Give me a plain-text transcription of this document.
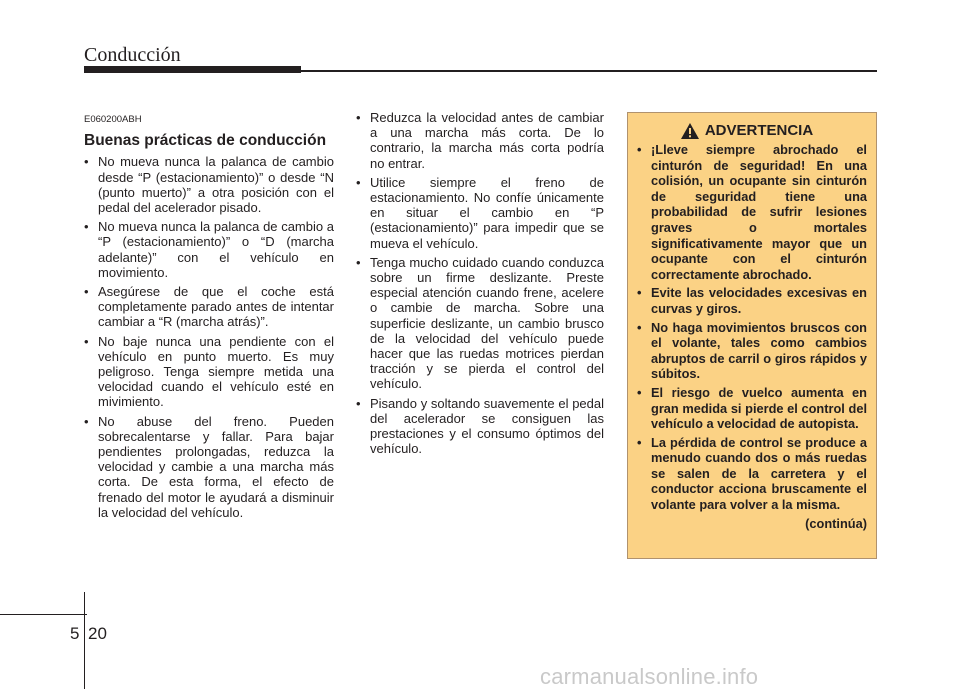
Conducción
E060200ABH
Buenas prácticas de conducción
• No mueva nunca la palanca de cambio desde “P (estacionamiento)” o desde “N (punto muerto)” a otra posición con el pedal del acelerador pisado.
• No mueva nunca la palanca de cambio a “P (estacionamiento)” o “D (marcha adelante)” con el vehículo en movimiento.
• Asegúrese de que el coche está completamente parado antes de intentar cambiar a “R (marcha atrás)”.
• No baje nunca una pendiente con el vehículo en punto muerto. Es muy peligroso. Tenga siempre metida una velocidad cuando el vehículo esté en mivimiento.
• No abuse del freno. Pueden sobrecalentarse y fallar. Para bajar pendientes prolongadas, reduzca la velocidad y cambie a una marcha más corta. De esta forma, el efecto de frenado del motor le ayudará a disminuir la velocidad del vehículo.
• Reduzca la velocidad antes de cambiar a una marcha más corta. De lo contrario, la marcha más corta podría no entrar.
• Utilice siempre el freno de estacionamiento. No confíe únicamente en situar el cambio en “P (estacionamiento)” para impedir que se mueva el vehículo.
• Tenga mucho cuidado cuando conduzca sobre un firme deslizante. Preste especial atención cuando frene, acelere o cambie de marcha. Sobre una superficie deslizante, un cambio brusco de la velocidad del vehículo puede hacer que las ruedas motrices pierdan tracción y se pierda el control del vehículo.
• Pisando y soltando suavemente el pedal del acelerador se consiguen las prestaciones y el consumo óptimos del vehículo.
ADVERTENCIA
• ¡Lleve siempre abrochado el cinturón de seguridad! En una colisión, un ocupante sin cinturón de seguridad tiene una probabilidad de sufrir lesiones graves o mortales significativamente mayor que un ocupante con el cinturón correctamente abrochado.
• Evite las velocidades excesivas en curvas y giros.
• No haga movimientos bruscos con el volante, tales como cambios abruptos de carril o giros rápidos y súbitos.
• El riesgo de vuelco aumenta en gran medida si pierde el control del vehículo a velocidad de autopista.
• La pérdida de control se produce a menudo cuando dos o más ruedas se salen de la carretera y el conductor acciona bruscamente el volante para volver a la misma.
(continúa)
5 20
carmanualsonline.info
